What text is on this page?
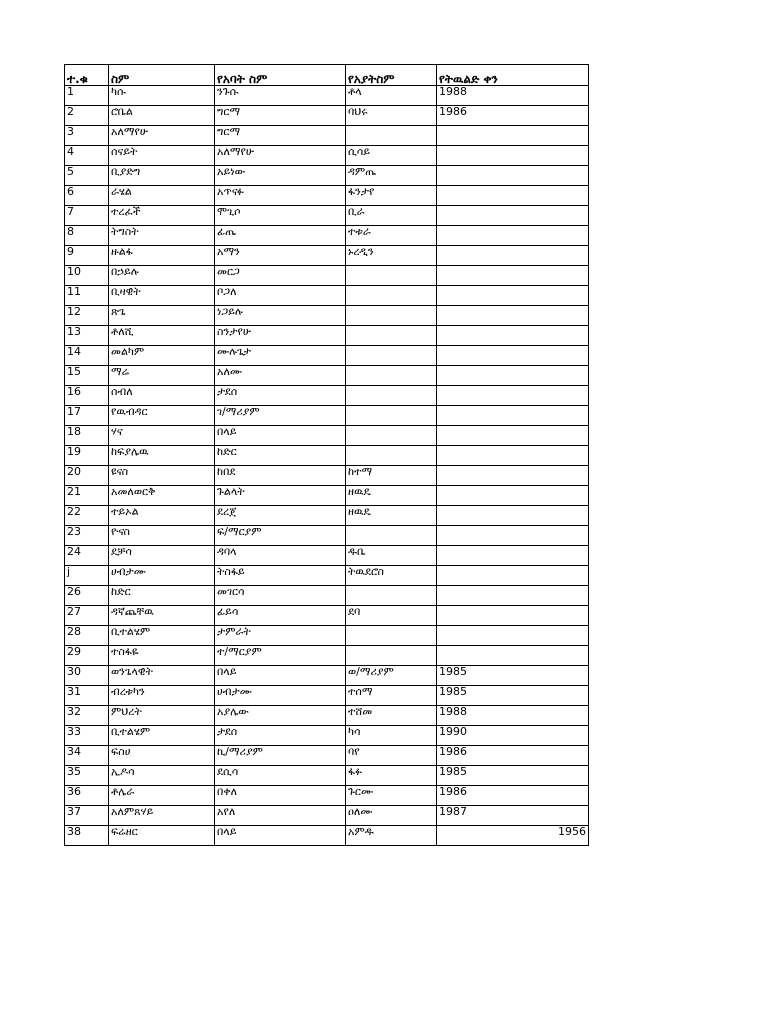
ተ.ቁ	ስም	የአባት ስም	የአያትስም	የትዉልድ ቀን
1	ካሱ	ንጉሱ	ቶላ	1988
2	ሮቤል	ግርማ	ባህሩ	1986
3	አለማየሁ	ግርማ		
4	ሰናይት	አለማየሁ	ሲሳይ	
5	ቢያድግ	አይነው	ዳምጤ	
6	ራሄል	አጥናፉ	ፋንታየ	
7	ተረፈች	ሞጊሶ	ቢራ	
8	ትግስት	ፊጤ	ተቱራ	
9	ዙልፋ	አማን	ኑረዲን	
10	በኃይሉ	መርጋ		
11	ቢዛዊት	ቦጋለ		
12	ጽጌ	ነጋይሉ		
13	ቶለሺ	ስንታየሁ		
14	መልካም	ሙሉጌታ		
15	ማሬ	አለሙ		
16	ሰብለ	ታደሰ		
17	የዉብዳር	ገ/ማሪያም		
18	ሃና	በላይ		
19	ከፍያሌዉ	ከድር		
20	ዩናስ	ከበደ	ከተማ	
21	አመለወርቅ	ጉልላት	ዘዉዴ	
22	ተይኦል	ደረጀ	ዘዉዴ	
23	ዮናስ	ፍ/ማርያም		
24	ደቻሳ	ዳባላ	ዱቤ	
j	ሀብታሙ	ትስፋይ	ትዉደሮስ	
26	ከድር	መገርሳ		
27	ዳኛጨቸዉ	ፊይሳ	ደባ	
28	ቢተልሄም	ታምራት		
29	ተስፋዬ	ተ/ማርያም		
30	ወንጌላዊት	በላይ	ወ/ማሪያም	1985
31	ብረቱካን	ሀብታሙ	ተሰማ	1985
32	ምህረት	አያሌው	ተሸመ	1988
33	ቢተልሄም	ታደሰ	ካሳ	1990
34	ፍስሀ	ኪ/ማሪያም	ባየ	1986
35	ኢዶሳ	ደሲሳ	ፋፉ	1985
36	ቶሌራ	በቀለ	ጉርሙ	1986
37	አለምጸሃይ	አየለ	ዐለሙ	1987
38	ፍሬዘር	በላይ	አምዱ	1956
